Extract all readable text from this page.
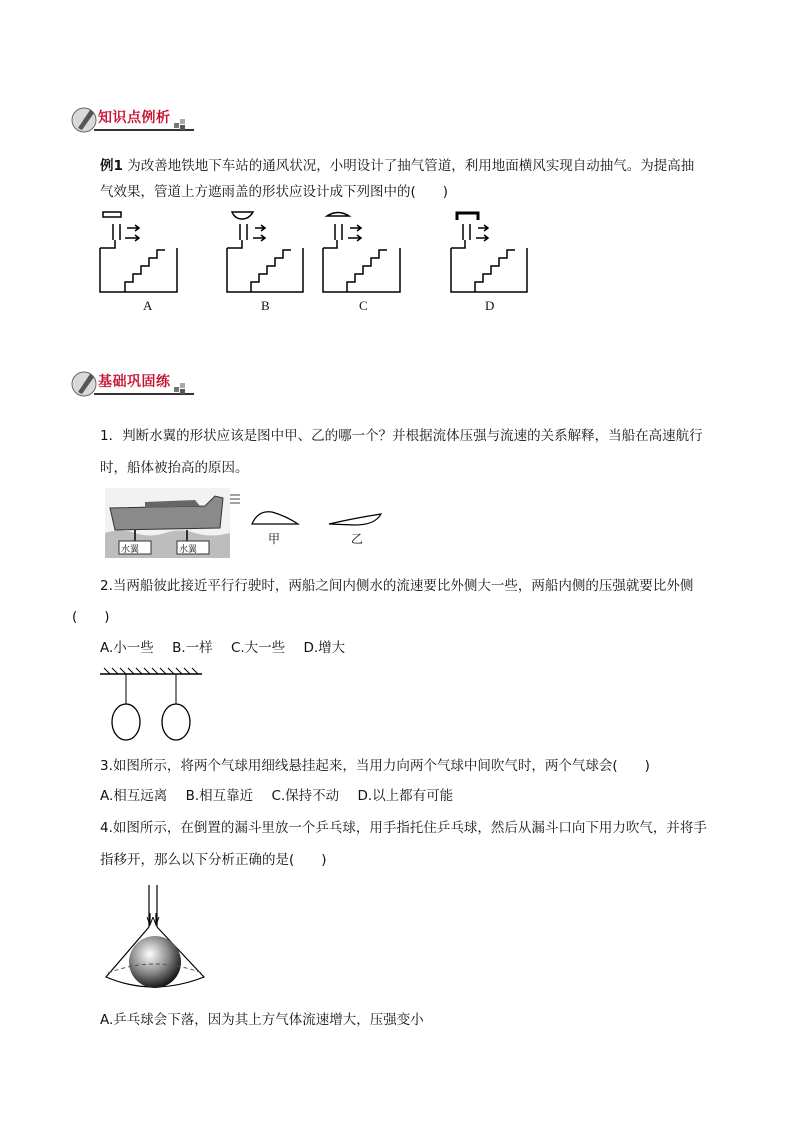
知识点例析
例1 为改善地铁地下车站的通风状况，小明设计了抽气管道，利用地面横风实现自动抽气。为提高抽
气效果，管道上方遮雨盖的形状应设计成下列图中的(　　)
A	B	C	D
基础巩固练
1．判断水翼的形状应该是图中甲、乙的哪一个？并根据流体压强与流速的关系解释，当船在高速航行
时，船体被抬高的原因。
水翼	水翼
甲	乙
2.当两船彼此接近平行行驶时，两船之间内侧水的流速要比外侧大一些，两船内侧的压强就要比外侧
(　　)
A.小一些 B.一样 C.大一些 D.增大
3.如图所示，将两个气球用细线悬挂起来，当用力向两个气球中间吹气时，两个气球会(　　)
A.相互远离 B.相互靠近 C.保持不动 D.以上都有可能
4.如图所示，在倒置的漏斗里放一个乒乓球，用手指托住乒乓球，然后从漏斗口向下用力吹气，并将手
指移开，那么以下分析正确的是(　　)
A.乒乓球会下落，因为其上方气体流速增大，压强变小
